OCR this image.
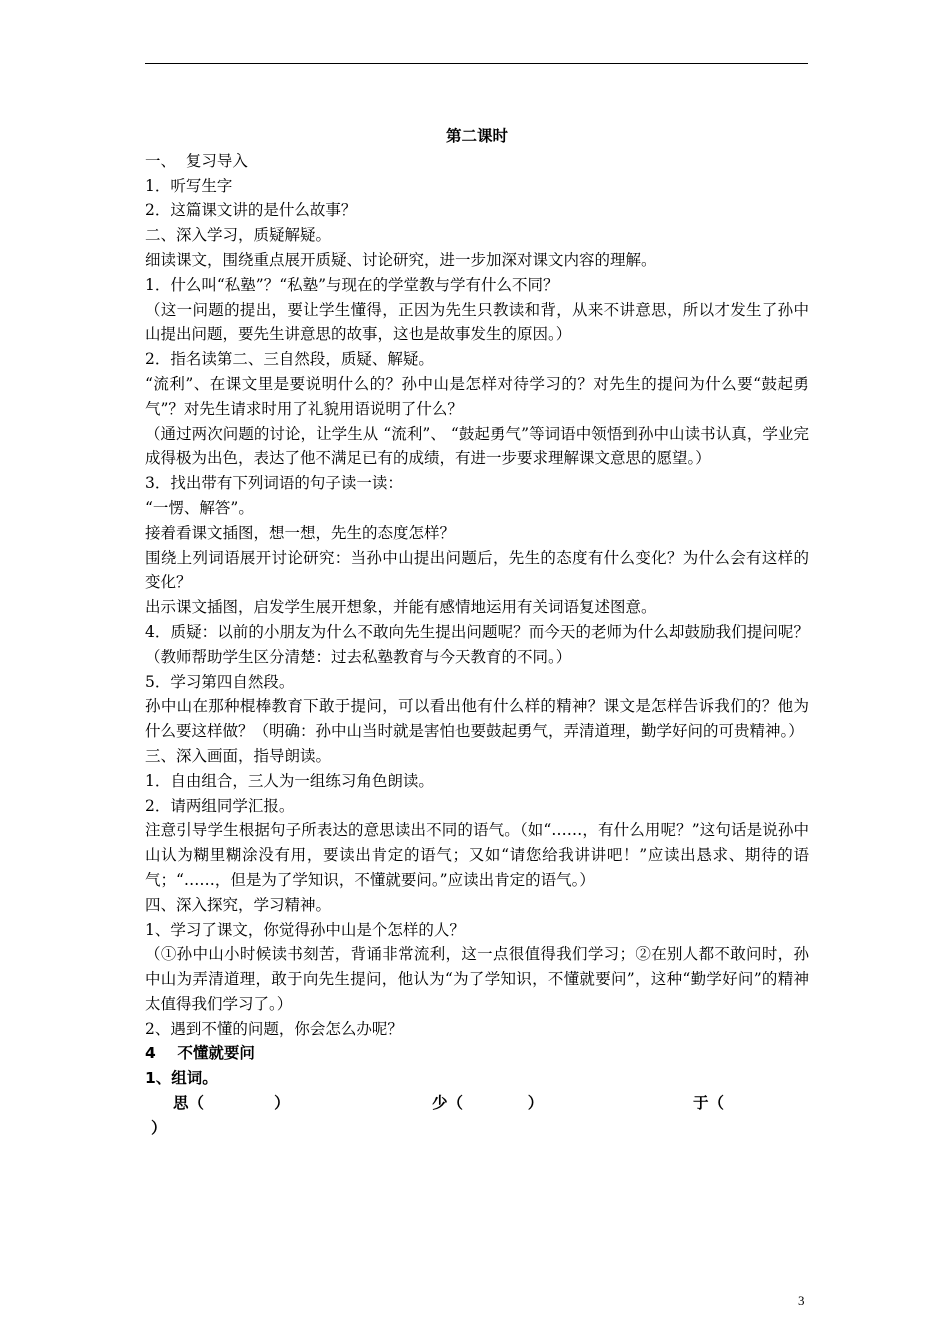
第二课时
一、  复习导入
1．听写生字
2．这篇课文讲的是什么故事？
二、深入学习，质疑解疑。
细读课文，围绕重点展开质疑、讨论研究，进一步加深对课文内容的理解。
1．什么叫“私塾”？“私塾”与现在的学堂教与学有什么不同？
（这一问题的提出，要让学生懂得，正因为先生只教读和背，从来不讲意思，所以才发生了孙中山提出问题，要先生讲意思的故事，这也是故事发生的原因。）
2．指名读第二、三自然段，质疑、解疑。
“流利”、在课文里是要说明什么的？孙中山是怎样对待学习的？对先生的提问为什么要“鼓起勇气”？对先生请求时用了礼貌用语说明了什么？
（通过两次问题的讨论，让学生从 “流利”、 “鼓起勇气”等词语中领悟到孙中山读书认真，学业完成得极为出色，表达了他不满足已有的成绩，有进一步要求理解课文意思的愿望。）
3．找出带有下列词语的句子读一读：
“一愣、解答”。
接着看课文插图，想一想，先生的态度怎样？
围绕上列词语展开讨论研究：当孙中山提出问题后，先生的态度有什么变化？为什么会有这样的变化？
出示课文插图，启发学生展开想象，并能有感情地运用有关词语复述图意。
4．质疑：以前的小朋友为什么不敢向先生提出问题呢？而今天的老师为什么却鼓励我们提问呢？（教师帮助学生区分清楚：过去私塾教育与今天教育的不同。）
5．学习第四自然段。
孙中山在那种棍棒教育下敢于提问，可以看出他有什么样的精神？课文是怎样告诉我们的？他为什么要这样做？（明确：孙中山当时就是害怕也要鼓起勇气，弄清道理，勤学好问的可贵精神。）
三、深入画面，指导朗读。
1．自由组合，三人为一组练习角色朗读。
2．请两组同学汇报。
注意引导学生根据句子所表达的意思读出不同的语气。（如“……，有什么用呢？”这句话是说孙中山认为糊里糊涂没有用，要读出肯定的语气；又如“请您给我讲讲吧！”应读出恳求、期待的语气；“……，但是为了学知识，不懂就要问。”应读出肯定的语气。）
四、深入探究，学习精神。
1、学习了课文，你觉得孙中山是个怎样的人？
（①孙中山小时候读书刻苦，背诵非常流利，这一点很值得我们学习；②在别人都不敢问时，孙中山为弄清道理，敢于向先生提问，他认为“为了学知识，不懂就要问”，这种“勤学好问”的精神太值得我们学习了。）
2、遇到不懂的问题，你会怎么办呢？
4    不懂就要问
1、组词。
思（             ）	少（            ）	于（
）
3
